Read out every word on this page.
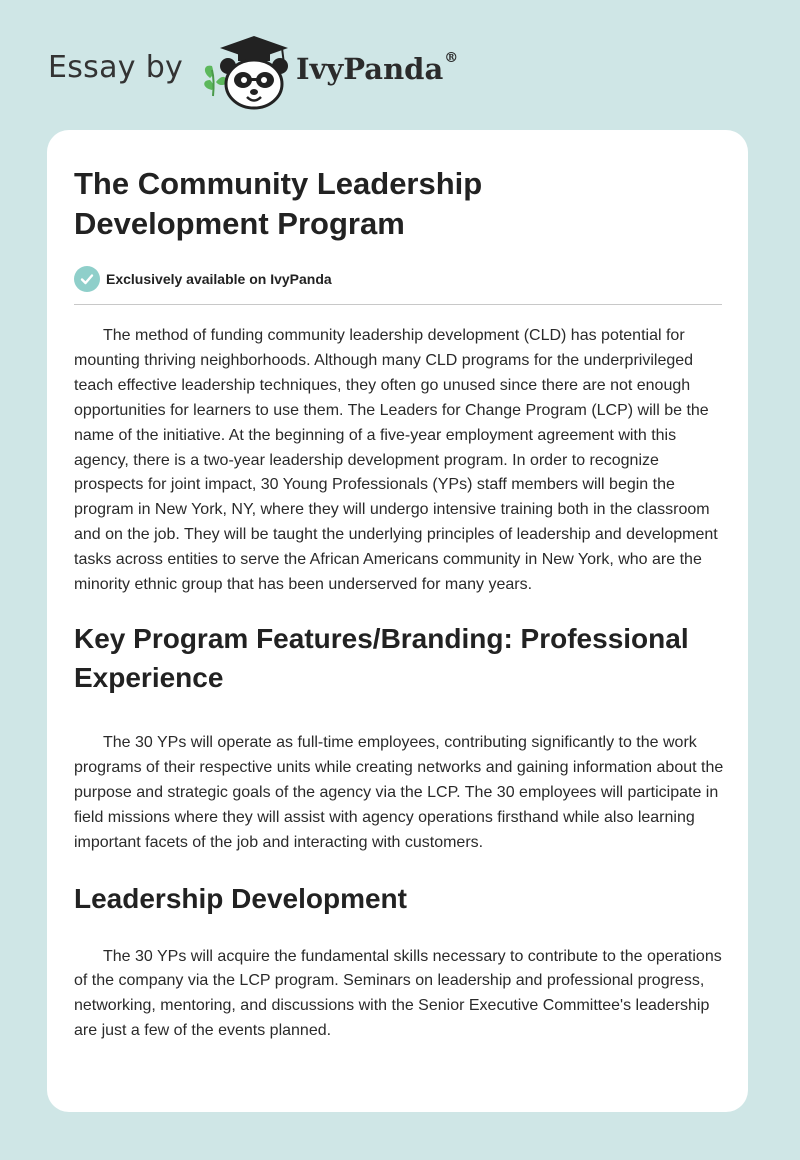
Essay by	IvyPanda®
The Community Leadership
Development Program
Exclusively available on IvyPanda

The method of funding community leadership development (CLD) has potential for mounting thriving neighborhoods. Although many CLD programs for the underprivileged teach effective leadership techniques, they often go unused since there are not enough opportunities for learners to use them. The Leaders for Change Program (LCP) will be the name of the initiative. At the beginning of a five-year employment agreement with this agency, there is a two-year leadership development program. In order to recognize prospects for joint impact, 30 Young Professionals (YPs) staff members will begin the program in New York, NY, where they will undergo intensive training both in the classroom and on the job. They will be taught the underlying principles of leadership and development tasks across entities to serve the African Americans community in New York, who are the minority ethnic group that has been underserved for many years.

Key Program Features/Branding: Professional Experience

The 30 YPs will operate as full-time employees, contributing significantly to the work programs of their respective units while creating networks and gaining information about the purpose and strategic goals of the agency via the LCP. The 30 employees will participate in field missions where they will assist with agency operations firsthand while also learning important facets of the job and interacting with customers.

Leadership Development

The 30 YPs will acquire the fundamental skills necessary to contribute to the operations of the company via the LCP program. Seminars on leadership and professional progress, networking, mentoring, and discussions with the Senior Executive Committee's leadership are just a few of the events planned.
